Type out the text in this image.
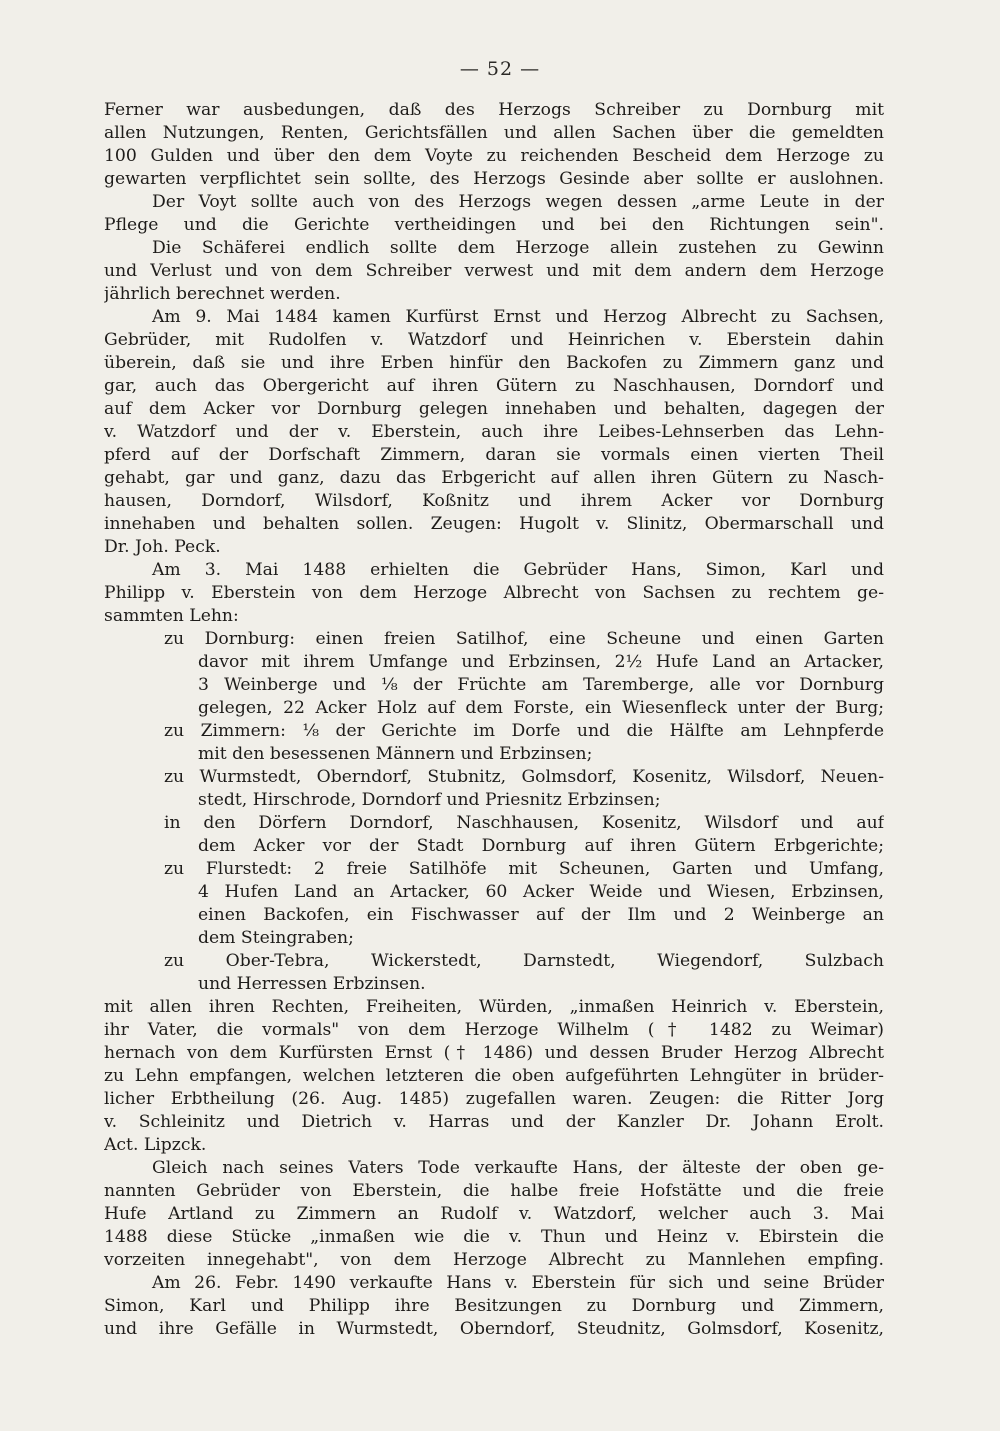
— 52 —
Ferner war ausbedungen, daß des Herzogs Schreiber zu Dornburg mit
allen Nutzungen, Renten, Gerichtsfällen und allen Sachen über die gemeldten
100 Gulden und über den dem Voyte zu reichenden Bescheid dem Herzoge zu
gewarten verpflichtet sein sollte, des Herzogs Gesinde aber sollte er auslohnen.
Der Voyt sollte auch von des Herzogs wegen dessen „arme Leute in der
Pflege und die Gerichte vertheidingen und bei den Richtungen sein".
Die Schäferei endlich sollte dem Herzoge allein zustehen zu Gewinn
und Verlust und von dem Schreiber verwest und mit dem andern dem Herzoge
jährlich berechnet werden.
Am 9. Mai 1484 kamen Kurfürst Ernst und Herzog Albrecht zu Sachsen,
Gebrüder, mit Rudolfen v. Watzdorf und Heinrichen v. Eberstein dahin
überein, daß sie und ihre Erben hinfür den Backofen zu Zimmern ganz und
gar, auch das Obergericht auf ihren Gütern zu Naschhausen, Dorndorf und
auf dem Acker vor Dornburg gelegen innehaben und behalten, dagegen der
v. Watzdorf und der v. Eberstein, auch ihre Leibes-Lehnserben das Lehn-
pferd auf der Dorfschaft Zimmern, daran sie vormals einen vierten Theil
gehabt, gar und ganz, dazu das Erbgericht auf allen ihren Gütern zu Nasch-
hausen, Dorndorf, Wilsdorf, Koßnitz und ihrem Acker vor Dornburg
innehaben und behalten sollen. Zeugen: Hugolt v. Slinitz, Obermarschall und
Dr. Joh. Peck.
Am 3. Mai 1488 erhielten die Gebrüder Hans, Simon, Karl und
Philipp v. Eberstein von dem Herzoge Albrecht von Sachsen zu rechtem ge-
sammten Lehn:
zu Dornburg: einen freien Satilhof, eine Scheune und einen Garten
davor mit ihrem Umfange und Erbzinsen, 2½ Hufe Land an Artacker,
3 Weinberge und ⅛ der Früchte am Taremberge, alle vor Dornburg
gelegen, 22 Acker Holz auf dem Forste, ein Wiesenfleck unter der Burg;
zu Zimmern: ⅛ der Gerichte im Dorfe und die Hälfte am Lehnpferde
mit den besessenen Männern und Erbzinsen;
zu Wurmstedt, Oberndorf, Stubnitz, Golmsdorf, Kosenitz, Wilsdorf, Neuen-
stedt, Hirschrode, Dorndorf und Priesnitz Erbzinsen;
in den Dörfern Dorndorf, Naschhausen, Kosenitz, Wilsdorf und auf
dem Acker vor der Stadt Dornburg auf ihren Gütern Erbgerichte;
zu Flurstedt: 2 freie Satilhöfe mit Scheunen, Garten und Umfang,
4 Hufen Land an Artacker, 60 Acker Weide und Wiesen, Erbzinsen,
einen Backofen, ein Fischwasser auf der Ilm und 2 Weinberge an
dem Steingraben;
zu Ober-Tebra, Wickerstedt, Darnstedt, Wiegendorf, Sulzbach
und Herressen Erbzinsen.
mit allen ihren Rechten, Freiheiten, Würden, „inmaßen Heinrich v. Eberstein,
ihr Vater, die vormals" von dem Herzoge Wilhelm († 1482 zu Weimar)
hernach von dem Kurfürsten Ernst († 1486) und dessen Bruder Herzog Albrecht
zu Lehn empfangen, welchen letzteren die oben aufgeführten Lehngüter in brüder-
licher Erbtheilung (26. Aug. 1485) zugefallen waren. Zeugen: die Ritter Jorg
v. Schleinitz und Dietrich v. Harras und der Kanzler Dr. Johann Erolt.
Act. Lipzck.
Gleich nach seines Vaters Tode verkaufte Hans, der älteste der oben ge-
nannten Gebrüder von Eberstein, die halbe freie Hofstätte und die freie
Hufe Artland zu Zimmern an Rudolf v. Watzdorf, welcher auch 3. Mai
1488 diese Stücke „inmaßen wie die v. Thun und Heinz v. Ebirstein die
vorzeiten innegehabt", von dem Herzoge Albrecht zu Mannlehen empfing.
Am 26. Febr. 1490 verkaufte Hans v. Eberstein für sich und seine Brüder
Simon, Karl und Philipp ihre Besitzungen zu Dornburg und Zimmern,
und ihre Gefälle in Wurmstedt, Oberndorf, Steudnitz, Golmsdorf, Kosenitz,
